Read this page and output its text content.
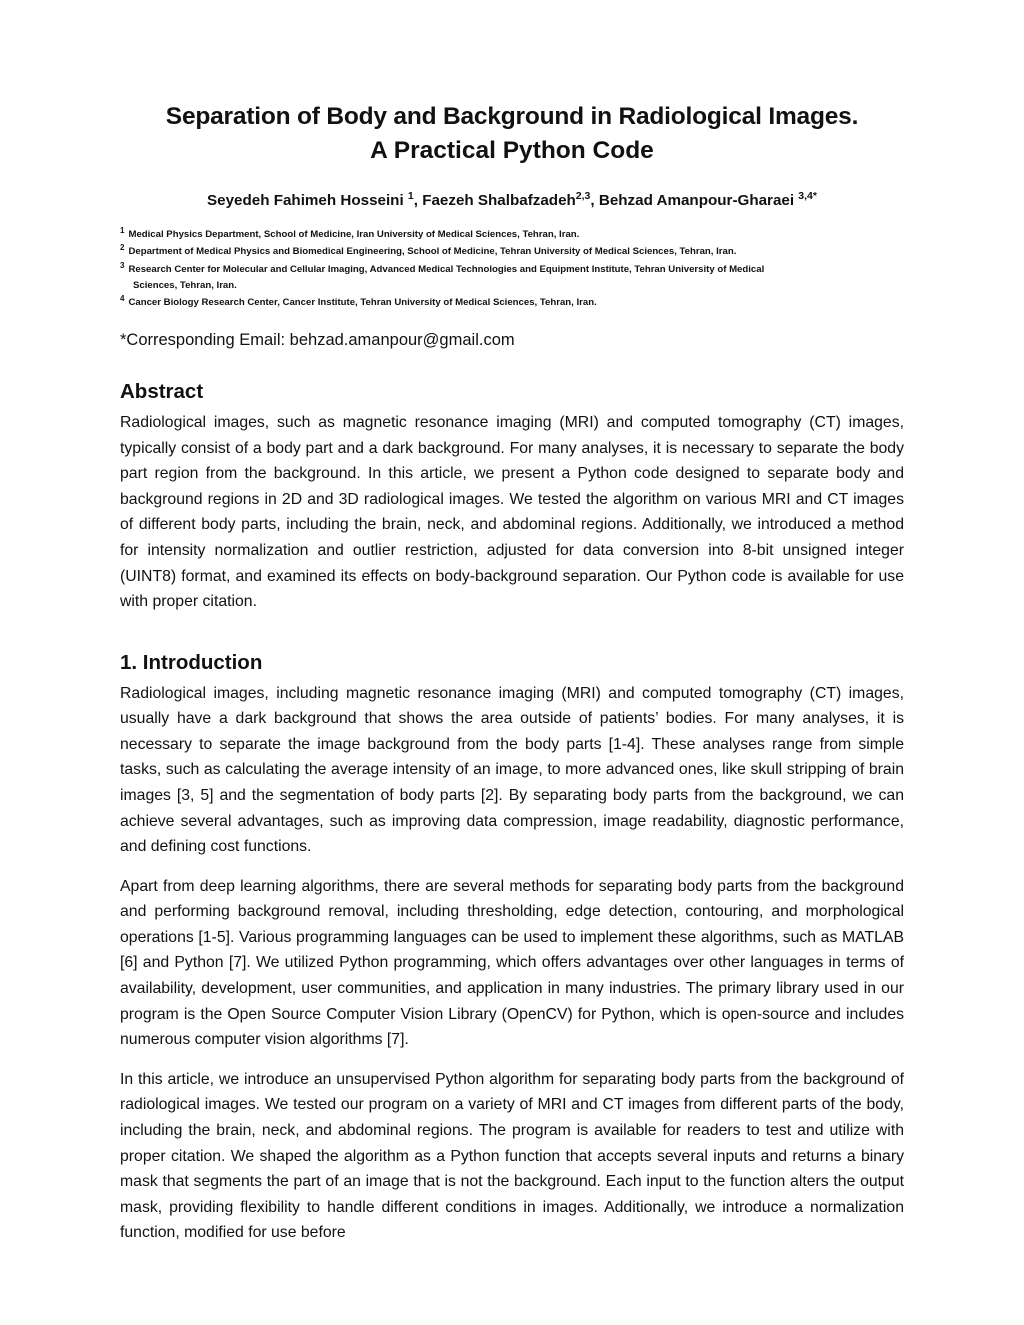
Separation of Body and Background in Radiological Images.
A Practical Python Code
Seyedeh Fahimeh Hosseini $^1$, Faezeh Shalbafzadeh$^{2,3}$, Behzad Amanpour-Gharaei $^{3,4*}$
$^1$ Medical Physics Department, School of Medicine, Iran University of Medical Sciences, Tehran, Iran.
$^2$ Department of Medical Physics and Biomedical Engineering, School of Medicine, Tehran University of Medical Sciences, Tehran, Iran.
$^3$ Research Center for Molecular and Cellular Imaging, Advanced Medical Technologies and Equipment Institute, Tehran University of Medical
Sciences, Tehran, Iran.
$^4$ Cancer Biology Research Center, Cancer Institute, Tehran University of Medical Sciences, Tehran, Iran.
*Corresponding Email: behzad.amanpour@gmail.com
Abstract

Radiological images, such as magnetic resonance imaging (MRI) and computed tomography (CT) images, typically consist of a body part and a dark background. For many analyses, it is necessary to separate the body part region from the background. In this article, we present a Python code designed to separate body and background regions in 2D and 3D radiological images. We tested the algorithm on various MRI and CT images of different body parts, including the brain, neck, and abdominal regions. Additionally, we introduced a method for intensity normalization and outlier restriction, adjusted for data conversion into 8-bit unsigned integer (UINT8) format, and examined its effects on body-background separation. Our Python code is available for use with proper citation.

1. Introduction

Radiological images, including magnetic resonance imaging (MRI) and computed tomography (CT) images, usually have a dark background that shows the area outside of patients’ bodies. For many analyses, it is necessary to separate the image background from the body parts [1-4]. These analyses range from simple tasks, such as calculating the average intensity of an image, to more advanced ones, like skull stripping of brain images [3, 5] and the segmentation of body parts [2]. By separating body parts from the background, we can achieve several advantages, such as improving data compression, image readability, diagnostic performance, and defining cost functions.

Apart from deep learning algorithms, there are several methods for separating body parts from the background and performing background removal, including thresholding, edge detection, contouring, and morphological operations [1-5]. Various programming languages can be used to implement these algorithms, such as MATLAB [6] and Python [7]. We utilized Python programming, which offers advantages over other languages in terms of availability, development, user communities, and application in many industries. The primary library used in our program is the Open Source Computer Vision Library (OpenCV) for Python, which is open-source and includes numerous computer vision algorithms [7].

In this article, we introduce an unsupervised Python algorithm for separating body parts from the background of radiological images. We tested our program on a variety of MRI and CT images from different parts of the body, including the brain, neck, and abdominal regions. The program is available for readers to test and utilize with proper citation. We shaped the algorithm as a Python function that accepts several inputs and returns a binary mask that segments the part of an image that is not the background. Each input to the function alters the output mask, providing flexibility to handle different conditions in images. Additionally, we introduce a normalization function, modified for use before
